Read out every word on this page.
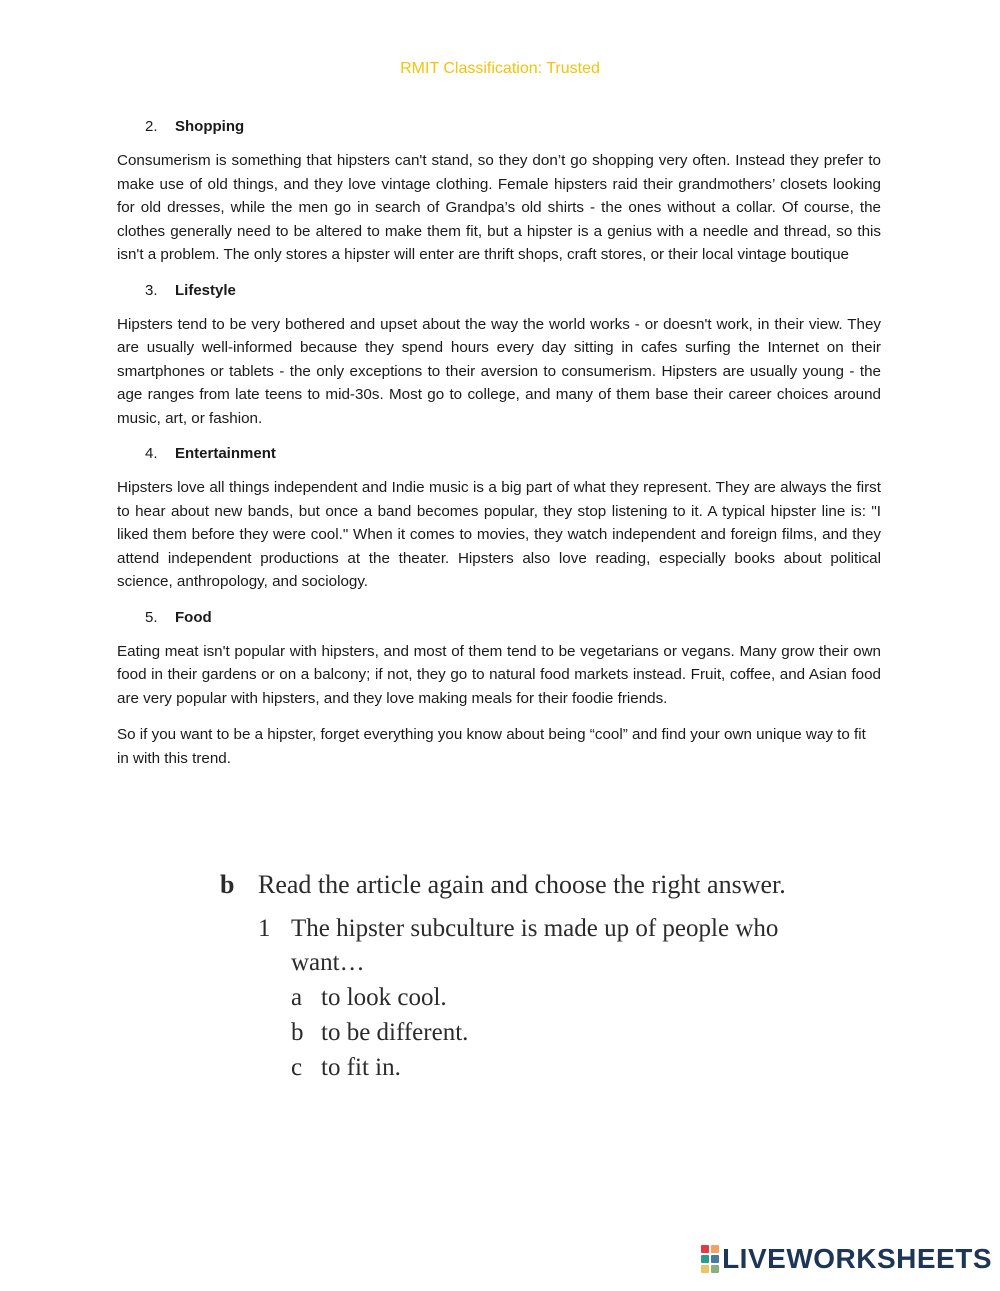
RMIT Classification: Trusted
2. Shopping

Consumerism is something that hipsters can't stand, so they don’t go shopping very often. Instead they prefer to make use of old things, and they love vintage clothing. Female hipsters raid their grandmothers’ closets looking for old dresses, while the men go in search of Grandpa’s old shirts - the ones without a collar. Of course, the clothes generally need to be altered to make them fit, but a hipster is a genius with a needle and thread, so this isn't a problem. The only stores a hipster will enter are thrift shops, craft stores, or their local vintage boutique

3. Lifestyle

Hipsters tend to be very bothered and upset about the way the world works - or doesn't work, in their view. They are usually well-informed because they spend hours every day sitting in cafes surfing the Internet on their smartphones or tablets - the only exceptions to their aversion to consumerism. Hipsters are usually young - the age ranges from late teens to mid-30s. Most go to college, and many of them base their career choices around music, art, or fashion.

4. Entertainment

Hipsters love all things independent and Indie music is a big part of what they represent. They are always the first to hear about new bands, but once a band becomes popular, they stop listening to it. A typical hipster line is: "I liked them before they were cool." When it comes to movies, they watch independent and foreign films, and they attend independent productions at the theater. Hipsters also love reading, especially books about political science, anthropology, and sociology.

5. Food

Eating meat isn't popular with hipsters, and most of them tend to be vegetarians or vegans. Many grow their own food in their gardens or on a balcony; if not, they go to natural food markets instead. Fruit, coffee, and Asian food are very popular with hipsters, and they love making meals for their foodie friends.

So if you want to be a hipster, forget everything you know about being “cool” and find your own unique way to fit in with this trend.

b Read the article again and choose the right answer.
1 The hipster subculture is made up of people who want…
a to look cool.
b to be different.
c to fit in.
LIVEWORKSHEETS
